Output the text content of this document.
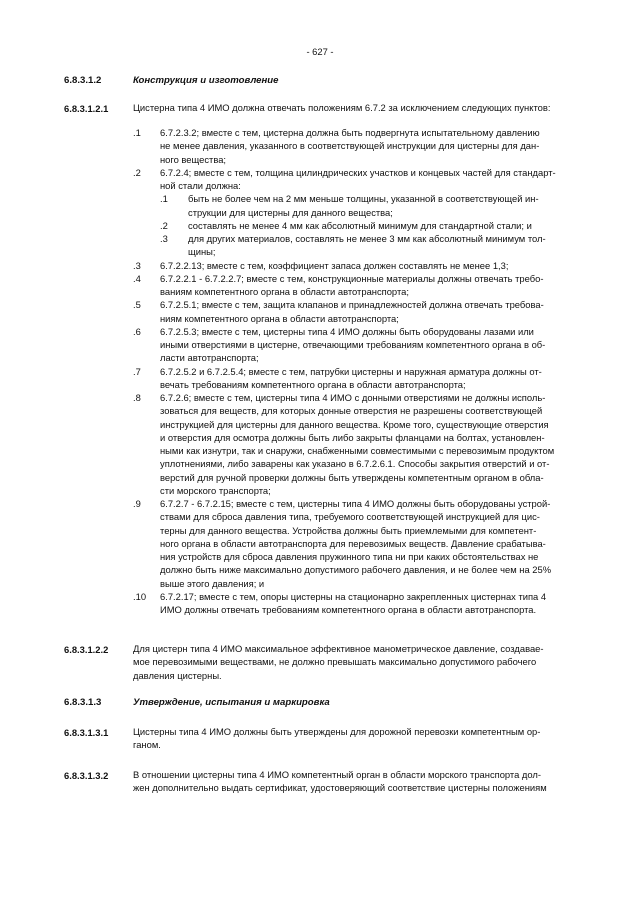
- 627 -
6.8.3.1.2	Конструкция и изготовление
6.8.3.1.2.1	Цистерна типа 4 ИМО должна отвечать положениям 6.7.2 за исключением следующих пунктов:
.1 6.7.2.3.2; вместе с тем, цистерна должна быть подвергнута испытательному давлению
не менее давления, указанного в соответствующей инструкции для цистерны для дан-
ного вещества;
.2 6.7.2.4; вместе с тем, толщина цилиндрических участков и концевых частей для стандарт-
ной стали должна:
.1 быть не более чем на 2 мм меньше толщины, указанной в соответствующей ин-
струкции для цистерны для данного вещества;
.2 составлять не менее 4 мм как абсолютный минимум для стандартной стали; и
.3 для других материалов, составлять не менее 3 мм как абсолютный минимум тол-
щины;
.3 6.7.2.2.13; вместе с тем, коэффициент запаса должен составлять не менее 1,3;
.4 6.7.2.2.1 - 6.7.2.2.7; вместе с тем, конструкционные материалы должны отвечать требо-
ваниям компетентного органа в области автотранспорта;
.5 6.7.2.5.1; вместе с тем, защита клапанов и принадлежностей должна отвечать требова-
ниям компетентного органа в области автотранспорта;
.6 6.7.2.5.3; вместе с тем, цистерны типа 4 ИМО должны быть оборудованы лазами или
иными отверстиями в цистерне, отвечающими требованиям компетентного органа в об-
ласти автотранспорта;
.7 6.7.2.5.2 и 6.7.2.5.4; вместе с тем, патрубки цистерны и наружная арматура должны от-
вечать требованиям компетентного органа в области автотранспорта;
.8 6.7.2.6; вместе с тем, цистерны типа 4 ИМО с донными отверстиями не должны исполь-
зоваться для веществ, для которых донные отверстия не разрешены соответствующей
инструкцией для цистерны для данного вещества. Кроме того, существующие отверстия
и отверстия для осмотра должны быть либо закрыты фланцами на болтах, установлен-
ными как изнутри, так и снаружи, снабженными совместимыми с перевозимым продуктом
уплотнениями, либо заварены как указано в 6.7.2.6.1. Способы закрытия отверстий и от-
верстий для ручной проверки должны быть утверждены компетентным органом в обла-
сти морского транспорта;
.9 6.7.2.7 - 6.7.2.15; вместе с тем, цистерны типа 4 ИМО должны быть оборудованы устрой-
ствами для сброса давления типа, требуемого соответствующей инструкцией для цис-
терны для данного вещества. Устройства должны быть приемлемыми для компетент-
ного органа в области автотранспорта для перевозимых веществ. Давление срабатыва-
ния устройств для сброса давления пружинного типа ни при каких обстоятельствах не
должно быть ниже максимально допустимого рабочего давления, и не более чем на 25%
выше этого давления; и
.10 6.7.2.17; вместе с тем, опоры цистерны на стационарно закрепленных цистернах типа 4
ИМО должны отвечать требованиям компетентного органа в области автотранспорта.
6.8.3.1.2.2	Для цистерн типа 4 ИМО максимальное эффективное манометрическое давление, создавае-
мое перевозимыми веществами, не должно превышать максимально допустимого рабочего
давления цистерны.
6.8.3.1.3	Утверждение, испытания и маркировка
6.8.3.1.3.1	Цистерны типа 4 ИМО должны быть утверждены для дорожной перевозки компетентным ор-
ганом.
6.8.3.1.3.2	В отношении цистерны типа 4 ИМО компетентный орган в области морского транспорта дол-
жен дополнительно выдать сертификат, удостоверяющий соответствие цистерны положениям
